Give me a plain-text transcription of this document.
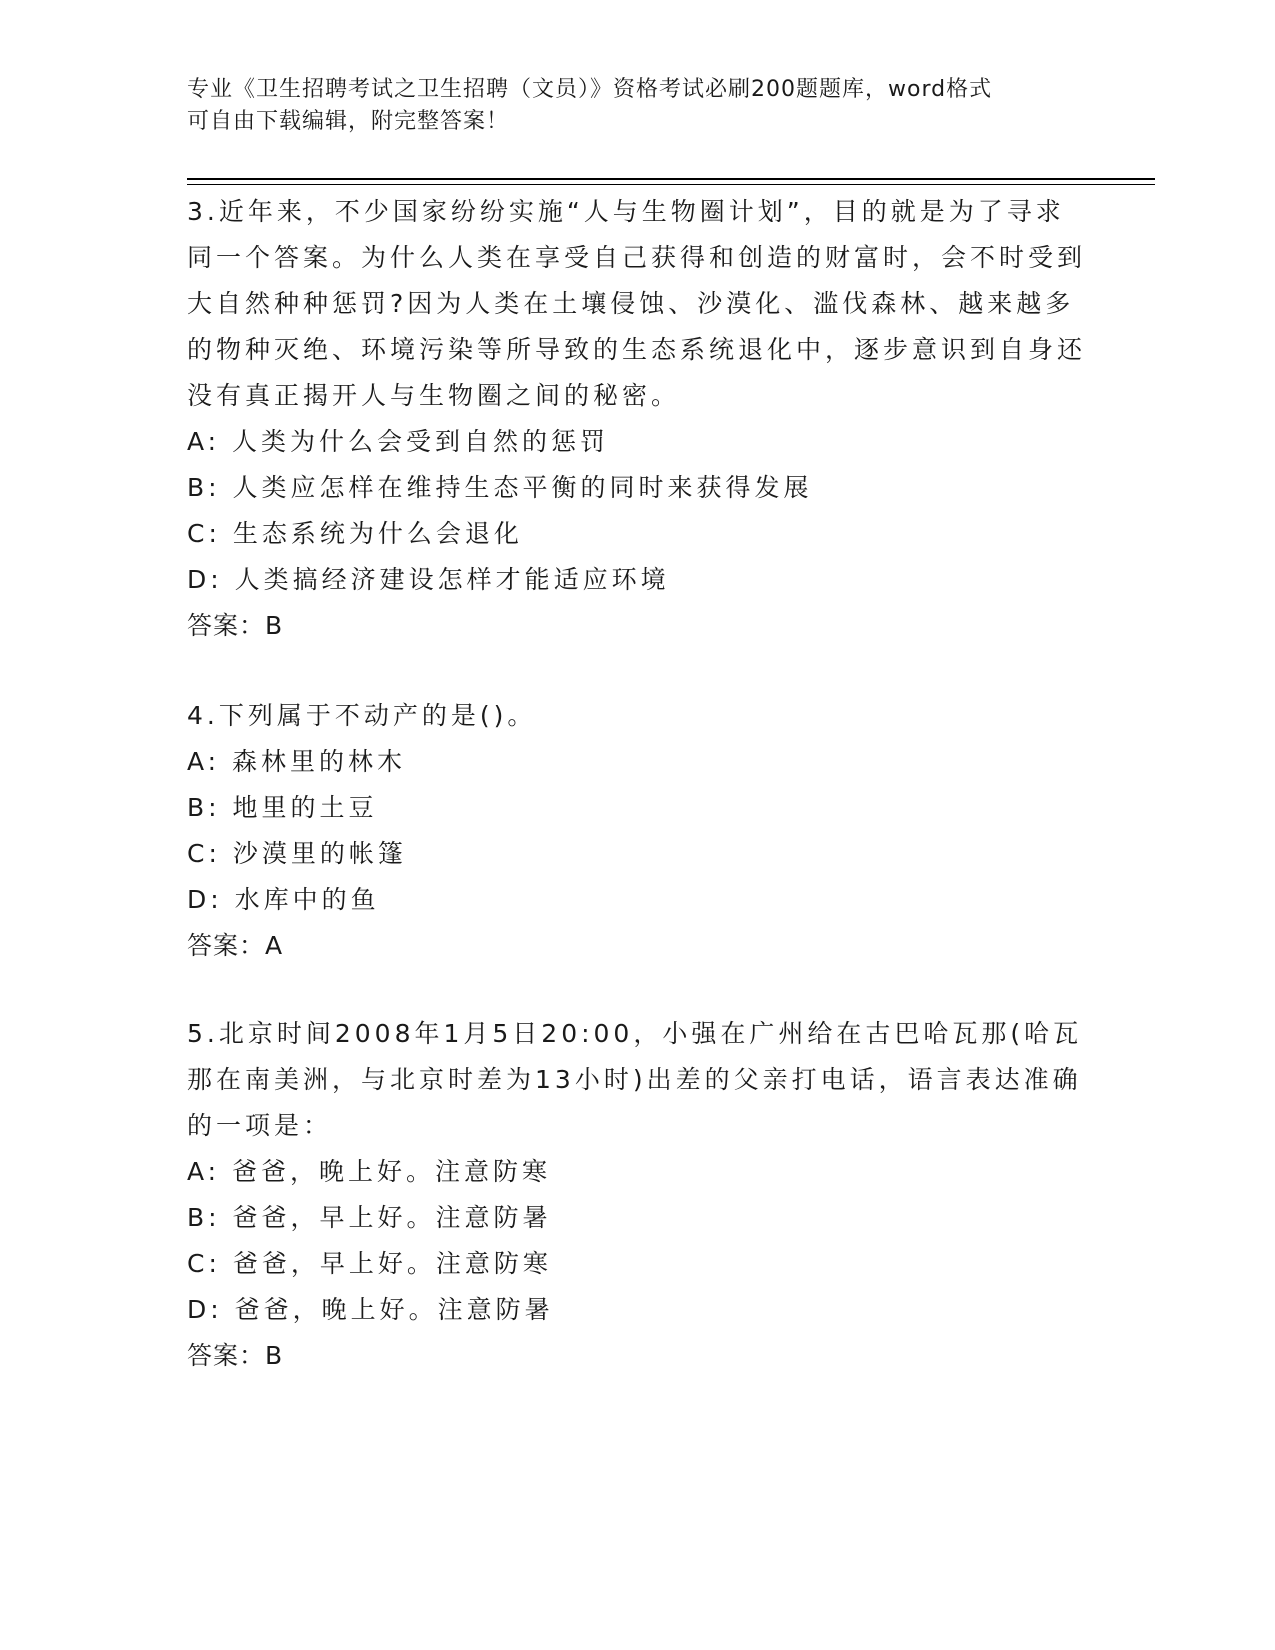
专业《卫生招聘考试之卫生招聘（文员）》资格考试必刷200题题库，word格式
可自由下载编辑，附完整答案！
3.近年来，不少国家纷纷实施“人与生物圈计划”，目的就是为了寻求同一个答案。为什么人类在享受自己获得和创造的财富时，会不时受到大自然种种惩罚?因为人类在土壤侵蚀、沙漠化、滥伐森林、越来越多的物种灭绝、环境污染等所导致的生态系统退化中，逐步意识到自身还没有真正揭开人与生物圈之间的秘密。
A: 人类为什么会受到自然的惩罚
B: 人类应怎样在维持生态平衡的同时来获得发展
C: 生态系统为什么会退化
D: 人类搞经济建设怎样才能适应环境
答案：B
4.下列属于不动产的是()。
A: 森林里的林木
B: 地里的土豆
C: 沙漠里的帐篷
D: 水库中的鱼
答案：A
5.北京时间2008年1月5日20:00，小强在广州给在古巴哈瓦那(哈瓦那在南美洲，与北京时差为13小时)出差的父亲打电话，语言表达准确的一项是：
A: 爸爸，晚上好。注意防寒
B: 爸爸，早上好。注意防暑
C: 爸爸，早上好。注意防寒
D: 爸爸，晚上好。注意防暑
答案：B
